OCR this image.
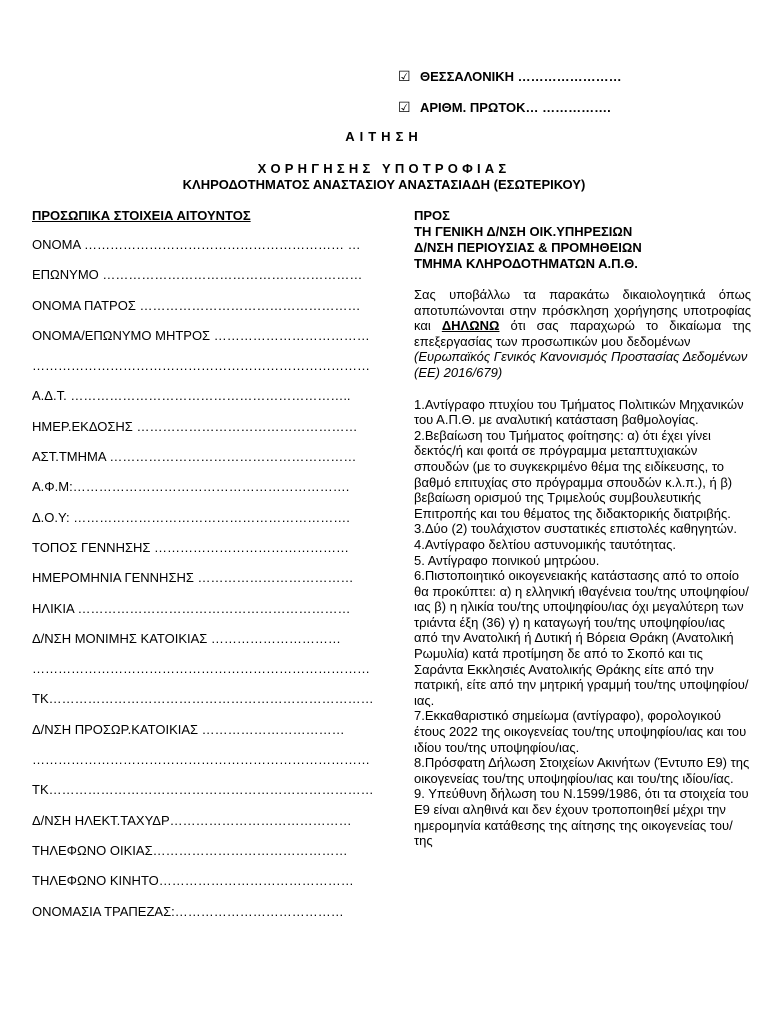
☑ ΘΕΣΣΑΛΟΝΙΚΗ ……………………
☑ ΑΡΙΘΜ. ΠΡΩΤΟΚ… …………….
ΑΙΤΗΣΗ
ΧΟΡΗΓΗΣΗΣ ΥΠΟΤΡΟΦΙΑΣ
ΚΛΗΡΟΔΟΤΗΜΑΤΟΣ ΑΝΑΣΤΑΣΙΟΥ ΑΝΑΣΤΑΣΙΑΔΗ (ΕΣΩΤΕΡΙΚΟΥ)
ΠΡΟΣΩΠΙΚΑ ΣΤΟΙΧΕΙΑ ΑΙΤΟΥΝΤΟΣ
ΟΝΟΜΑ …………………………………………………… …
ΕΠΩΝΥΜΟ ……………………………………………………
ΟΝΟΜΑ ΠΑΤΡΟΣ ……………………………………………
ΟΝΟΜΑ/ΕΠΩΝΥΜΟ ΜΗΤΡΟΣ ………………………………
……………………………………………………………………
Α.Δ.Τ. ………………………………………………………..
ΗΜΕΡ.ΕΚΔΟΣΗΣ ……………………………………………
ΑΣΤ.ΤΜΗΜΑ …………………………………………………
Α.Φ.Μ:……………………………………………………….
Δ.Ο.Υ: ……………………………………………………….
ΤΟΠΟΣ ΓΕΝΝΗΣΗΣ ………………………………………
ΗΜΕΡΟΜΗΝΙΑ ΓΕΝΝΗΣΗΣ ………………………………
ΗΛΙΚΙΑ ………………………………………………………
Δ/ΝΣΗ ΜΟΝΙΜΗΣ ΚΑΤΟΙΚΙΑΣ …………………………
……………………………………………………………………
ΤΚ…………………………………………………………………
Δ/ΝΣΗ ΠΡΟΣΩΡ.ΚΑΤΟΙΚΙΑΣ ……………………………
……………………………………………………………………
ΤΚ…………………………………………………………………
Δ/ΝΣΗ ΗΛΕΚΤ.ΤΑΧΥΔΡ……………………………………
ΤΗΛΕΦΩΝΟ ΟΙΚΙΑΣ………………………………………
ΤΗΛΕΦΩΝΟ ΚΙΝΗΤΟ………………………………………
ΟΝΟΜΑΣΙΑ ΤΡΑΠΕΖΑΣ:…………………………………
ΠΡΟΣ
ΤΗ ΓΕΝΙΚΗ Δ/ΝΣΗ ΟΙΚ.ΥΠΗΡΕΣΙΩΝ
Δ/ΝΣΗ ΠΕΡΙΟΥΣΙΑΣ & ΠΡΟΜΗΘΕΙΩΝ
ΤΜΗΜΑ ΚΛΗΡΟΔΟΤΗΜΑΤΩΝ Α.Π.Θ.
Σας υποβάλλω τα παρακάτω δικαιολογητικά όπως αποτυπώνονται στην πρόσκληση χορήγησης υποτροφίας και ΔΗΛΩΝΩ ότι σας παραχωρώ το δικαίωμα της επεξεργασίας των προσωπικών μου δεδομένων
(Ευρωπαϊκός Γενικός Κανονισμός Προστασίας Δεδομένων (ΕΕ) 2016/679)
1.Αντίγραφο πτυχίου του Τμήματος Πολιτικών Μηχανικών του Α.Π.Θ. με αναλυτική κατάσταση βαθμολογίας.
2.Βεβαίωση του Τμήματος φοίτησης: α) ότι έχει γίνει δεκτός/ή και φοιτά σε πρόγραμμα μεταπτυχιακών σπουδών (με το συγκεκριμένο θέμα της ειδίκευσης, το βαθμό επιτυχίας στο πρόγραμμα σπουδών κ.λ.π.), ή β) βεβαίωση ορισμού της Τριμελούς συμβουλευτικής Επιτροπής και του θέματος της διδακτορικής διατριβής.
3.Δύο (2) τουλάχιστον συστατικές επιστολές καθηγητών.
4.Αντίγραφο δελτίου αστυνομικής ταυτότητας.
5. Αντίγραφο ποινικού μητρώου.
6.Πιστοποιητικό οικογενειακής κατάστασης από το οποίο θα προκύπτει: α) η ελληνική ιθαγένεια του/της υποψηφίου/ιας β) η ηλικία του/της υποψηφίου/ιας όχι μεγαλύτερη των τριάντα έξη (36) γ) η καταγωγή του/της υποψηφίου/ιας από την Ανατολική ή Δυτική ή Βόρεια Θράκη (Ανατολική Ρωμυλία) κατά προτίμηση δε από το Σκοπό και τις Σαράντα Εκκλησιές Ανατολικής Θράκης είτε από την πατρική, είτε από την μητρική γραμμή του/της υποψηφίου/ιας.
7.Εκκαθαριστικό σημείωμα (αντίγραφο), φορολογικού έτους 2022 της οικογενείας του/της υποψηφίου/ιας και του ιδίου του/της υποψηφίου/ιας.
8.Πρόσφατη Δήλωση Στοιχείων Ακινήτων (Έντυπο Ε9) της οικογενείας του/της υποψηφίου/ιας και του/της ιδίου/ίας.
9. Υπεύθυνη δήλωση του Ν.1599/1986, ότι τα στοιχεία του Ε9 είναι αληθινά και δεν έχουν τροποποιηθεί μέχρι την ημερομηνία κατάθεσης της αίτησης της οικογενείας του/της
